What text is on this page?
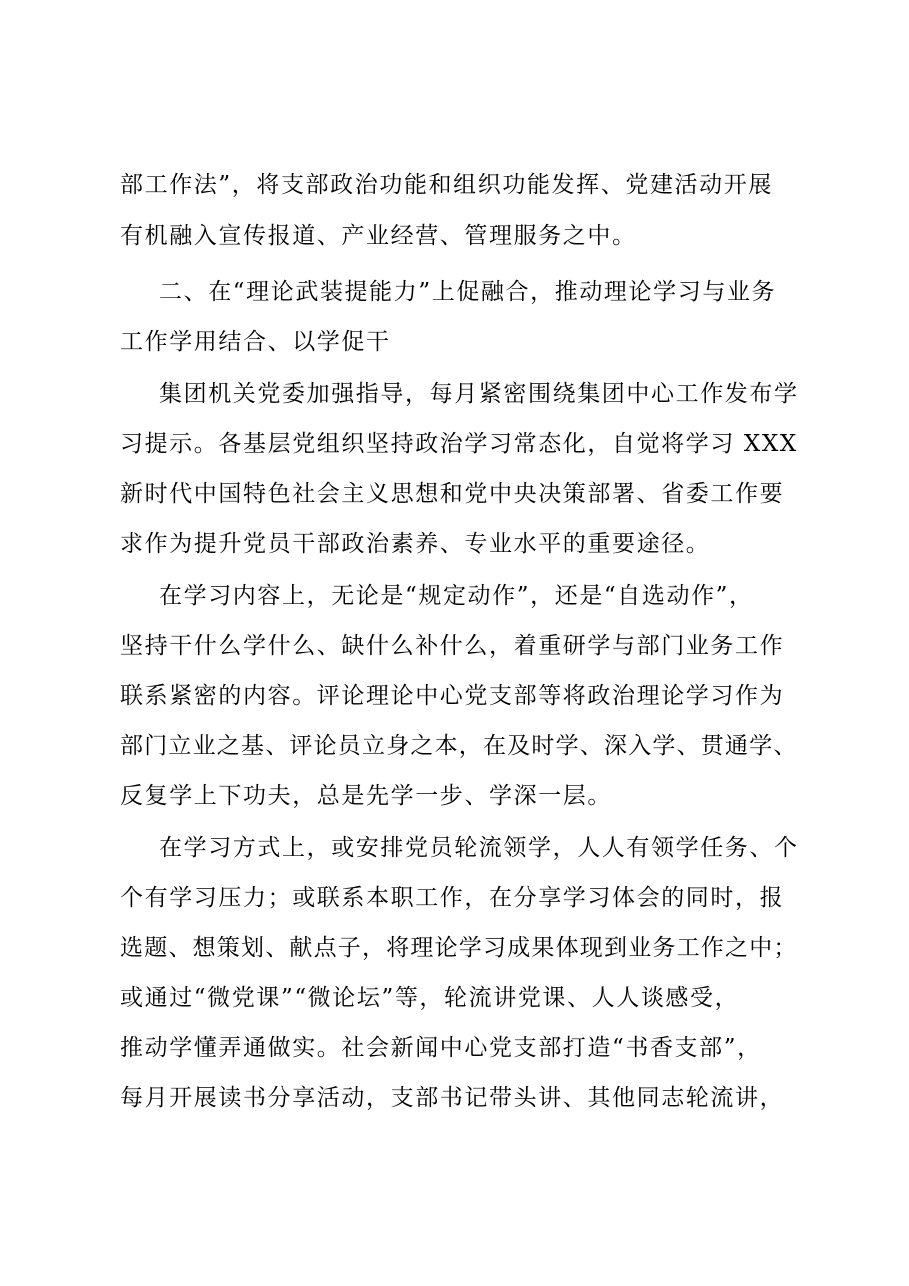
部工作法”，将支部政治功能和组织功能发挥、党建活动开展
有机融入宣传报道、产业经营、管理服务之中。
二、在“理论武装提能力”上促融合，推动理论学习与业务
工作学用结合、以学促干
集团机关党委加强指导，每月紧密围绕集团中心工作发布学
习提示。各基层党组织坚持政治学习常态化，自觉将学习 XXX
新时代中国特色社会主义思想和党中央决策部署、省委工作要
求作为提升党员干部政治素养、专业水平的重要途径。
在学习内容上，无论是“规定动作”，还是“自选动作”，
坚持干什么学什么、缺什么补什么，着重研学与部门业务工作
联系紧密的内容。评论理论中心党支部等将政治理论学习作为
部门立业之基、评论员立身之本，在及时学、深入学、贯通学、
反复学上下功夫，总是先学一步、学深一层。
在学习方式上，或安排党员轮流领学，人人有领学任务、个
个有学习压力；或联系本职工作，在分享学习体会的同时，报
选题、想策划、献点子，将理论学习成果体现到业务工作之中；
或通过“微党课”“微论坛”等，轮流讲党课、人人谈感受，
推动学懂弄通做实。社会新闻中心党支部打造“书香支部”，
每月开展读书分享活动，支部书记带头讲、其他同志轮流讲，
